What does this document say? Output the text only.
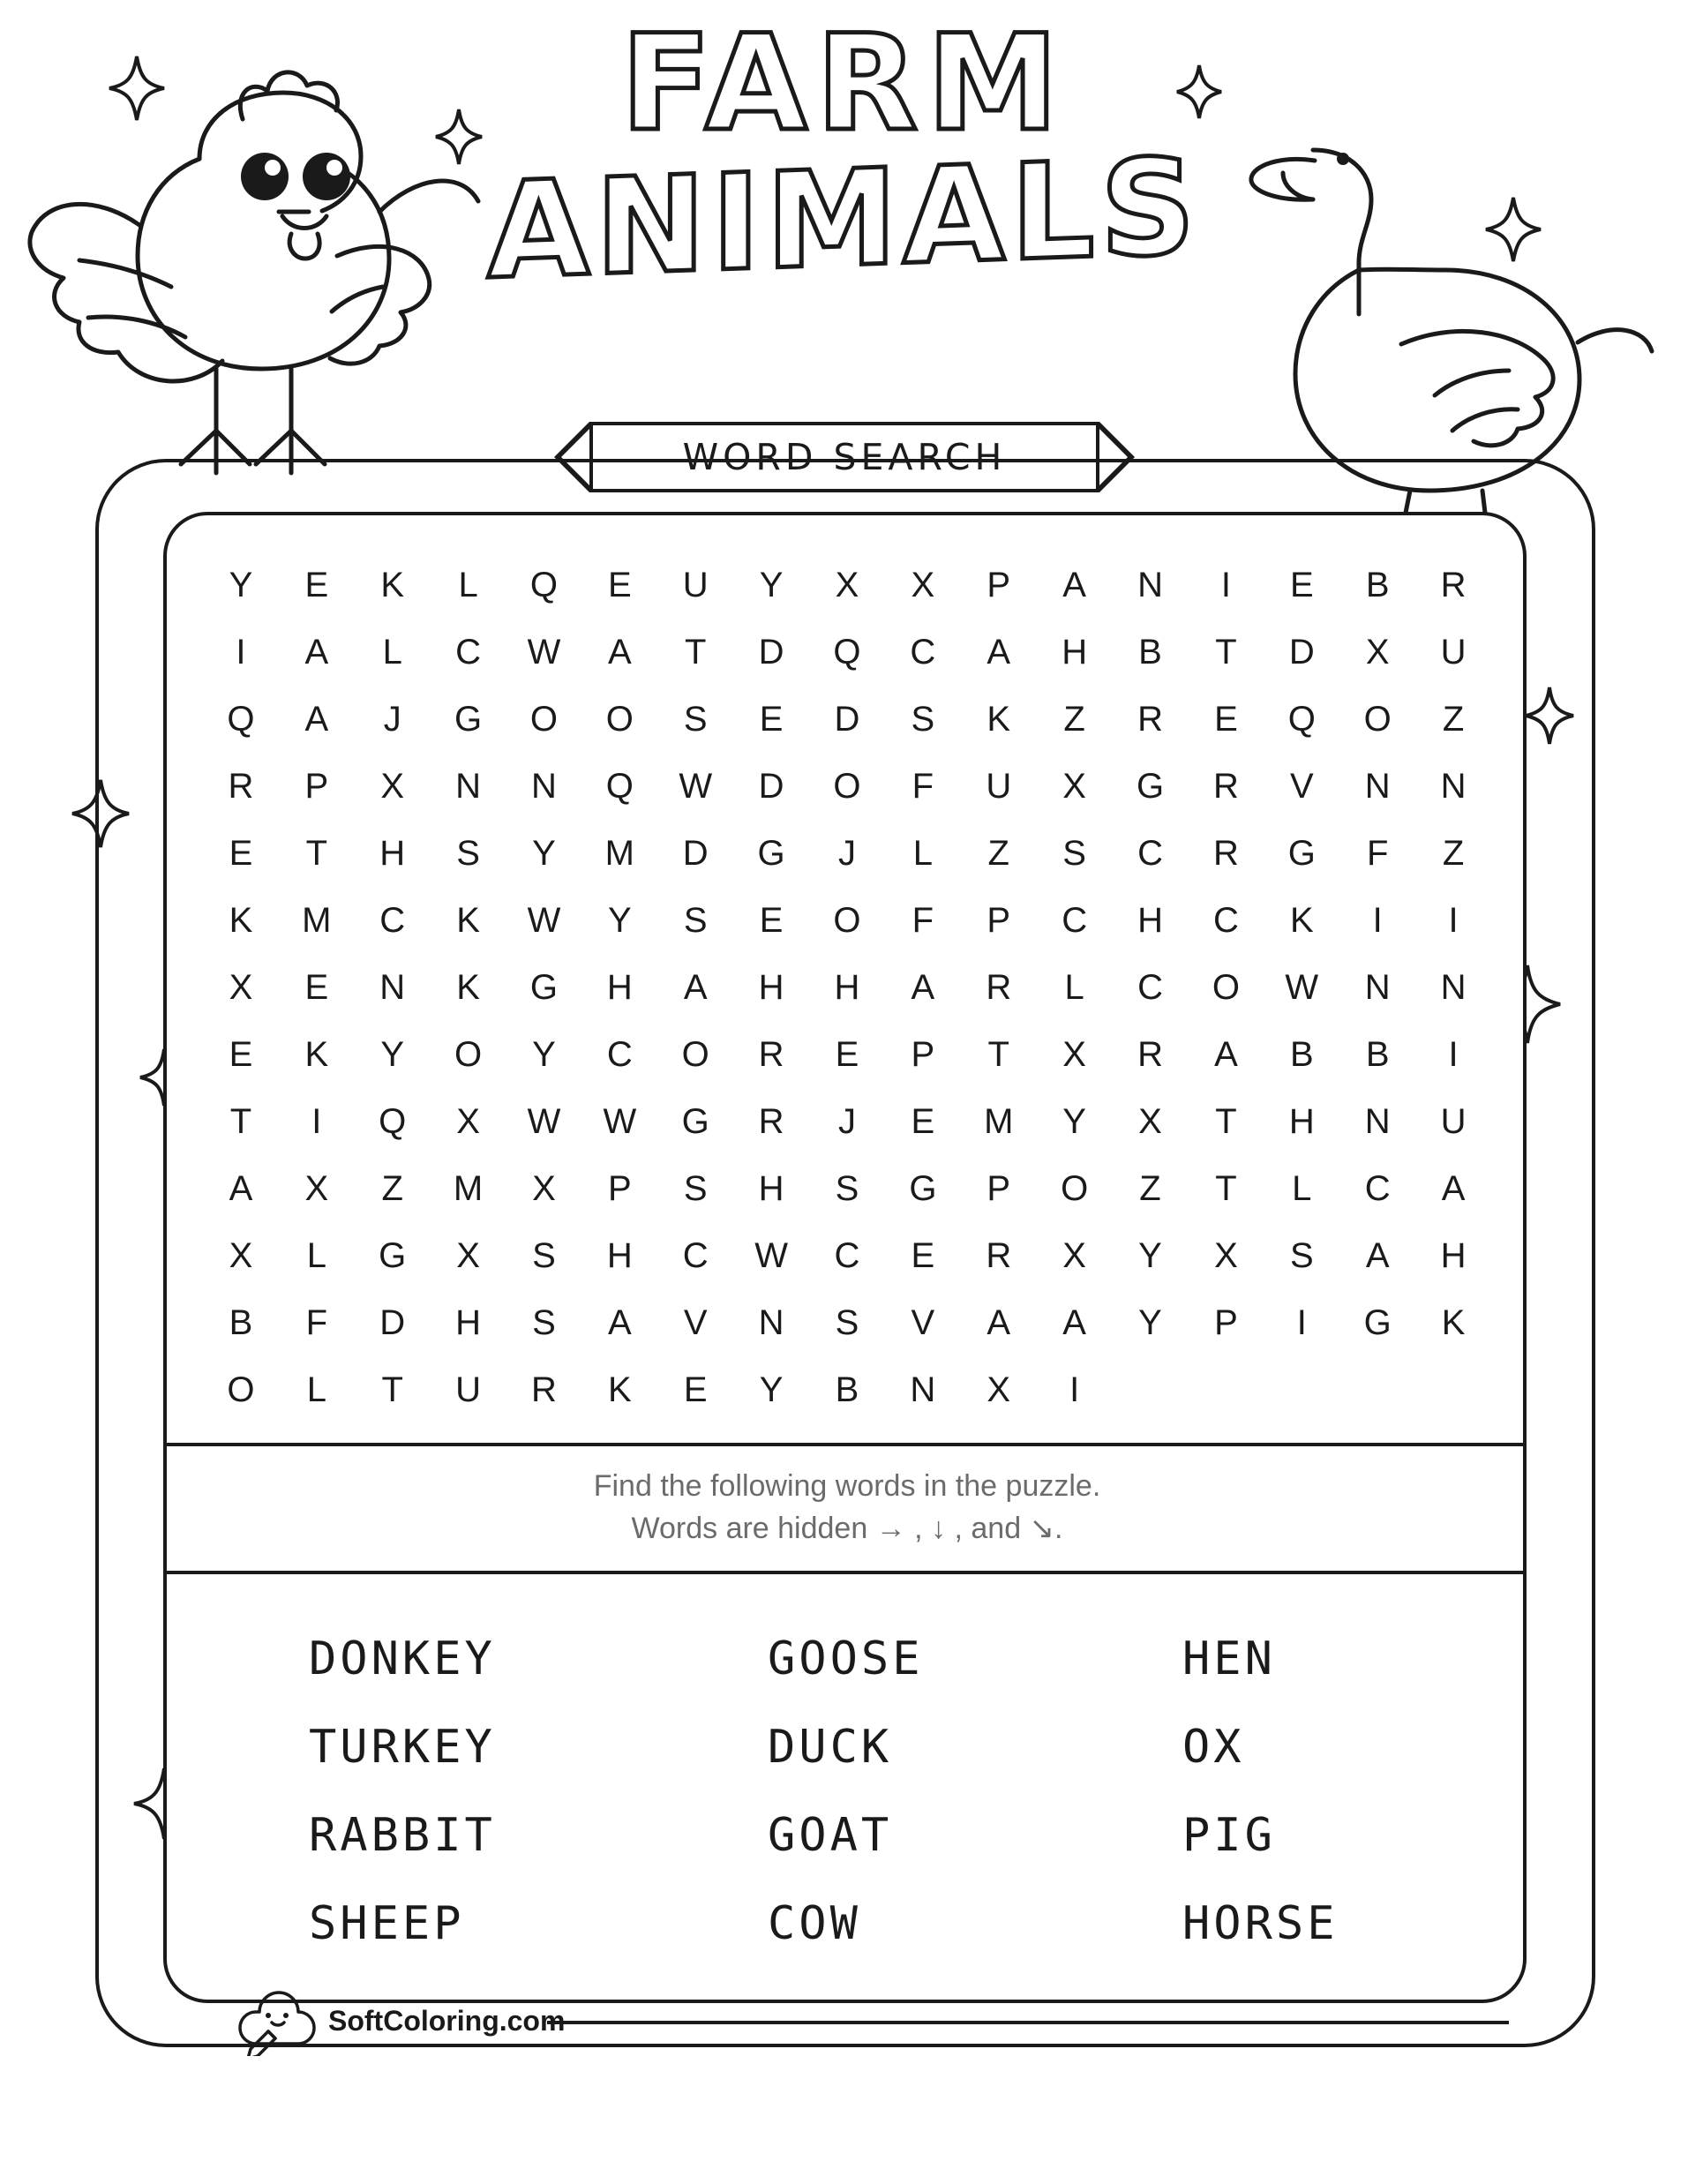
FARM
ANIMALS
WORD SEARCH
Y	E	K	L	Q	E	U	Y	X	X	P	A	N	I	E	B	R
I	A	L	C	W	A	T	D	Q	C	A	H	B	T	D	X	U
Q	A	J	G	O	O	S	E	D	S	K	Z	R	E	Q	O	Z
R	P	X	N	N	Q	W	D	O	F	U	X	G	R	V	N	N
E	T	H	S	Y	M	D	G	J	L	Z	S	C	R	G	F	Z
K	M	C	K	W	Y	S	E	O	F	P	C	H	C	K	I	I
X	E	N	K	G	H	A	H	H	A	R	L	C	O	W	N	N
E	K	Y	O	Y	C	O	R	E	P	T	X	R	A	B	B	I
T	I	Q	X	W	W	G	R	J	E	M	Y	X	T	H	N	U
A	X	Z	M	X	P	S	H	S	G	P	O	Z	T	L	C	A
X	L	G	X	S	H	C	W	C	E	R	X	Y	X	S	A	H
B	F	D	H	S	A	V	N	S	V	A	A	Y	P	I	G	K
O	L	T	U	R	K	E	Y	B	N	X	I
Find the following words in the puzzle.
Words are hidden → , ↓ , and ↘.
DONKEY	GOOSE	HEN
TURKEY	DUCK	OX
RABBIT	GOAT	PIG
SHEEP	COW	HORSE
SoftColoring.com
